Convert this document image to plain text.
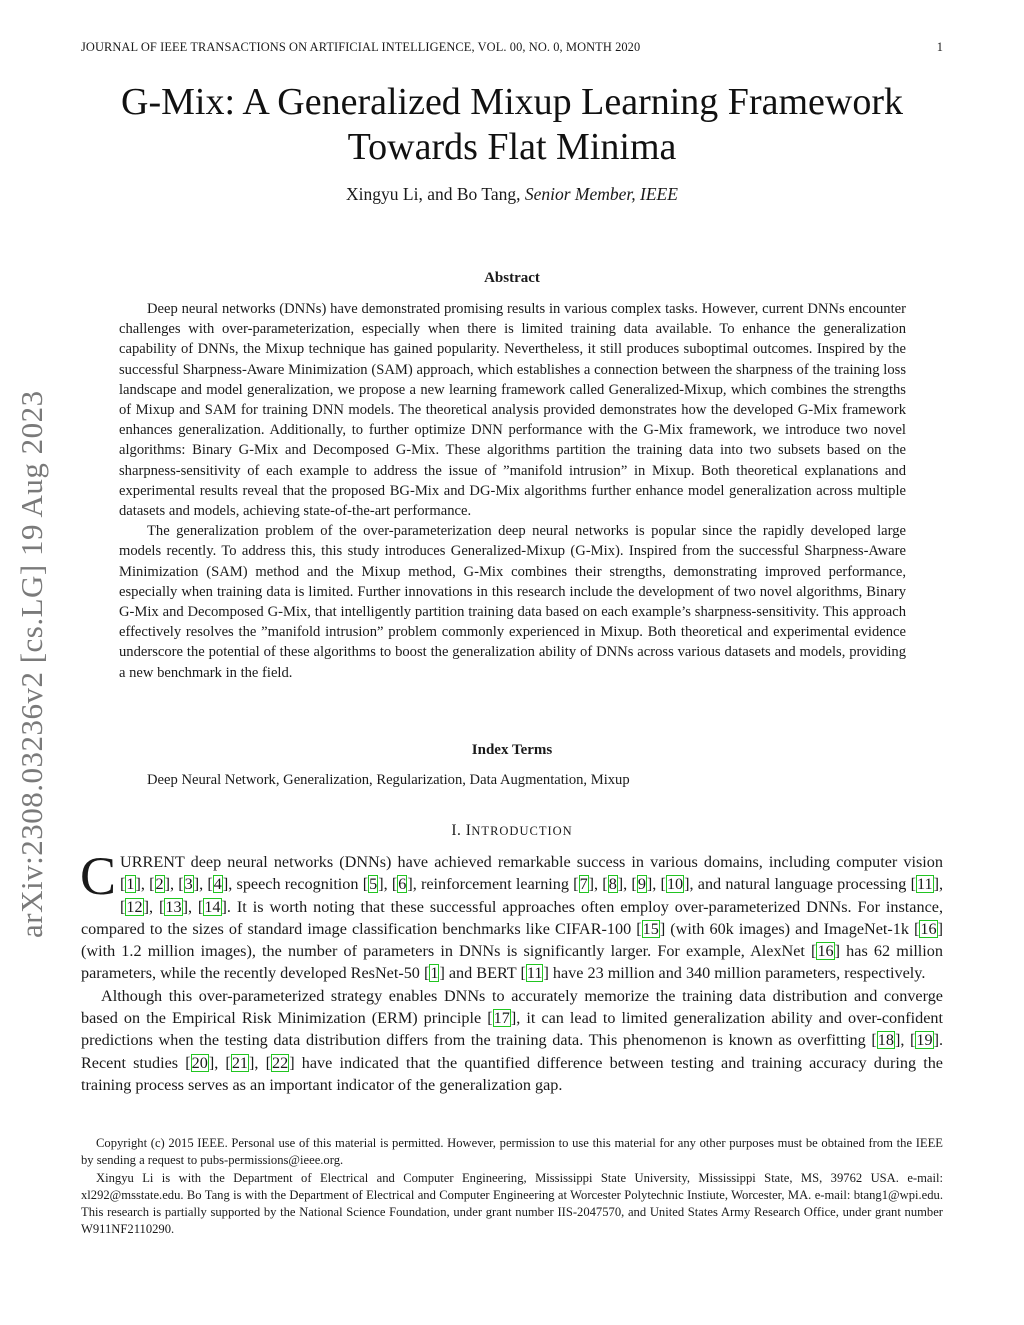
JOURNAL OF IEEE TRANSACTIONS ON ARTIFICIAL INTELLIGENCE, VOL. 00, NO. 0, MONTH 2020	1
arXiv:2308.03236v2 [cs.LG] 19 Aug 2023
G-Mix: A Generalized Mixup Learning Framework
Towards Flat Minima
Xingyu Li, and Bo Tang, Senior Member, IEEE
Abstract

Deep neural networks (DNNs) have demonstrated promising results in various complex tasks. However, current DNNs encounter challenges with over-parameterization, especially when there is limited training data available. To enhance the generalization capability of DNNs, the Mixup technique has gained popularity. Nevertheless, it still produces suboptimal outcomes. Inspired by the successful Sharpness-Aware Minimization (SAM) approach, which establishes a connection between the sharpness of the training loss landscape and model generalization, we propose a new learning framework called Generalized-Mixup, which combines the strengths of Mixup and SAM for training DNN models. The theoretical analysis provided demonstrates how the developed G-Mix framework enhances generalization. Additionally, to further optimize DNN performance with the G-Mix framework, we introduce two novel algorithms: Binary G-Mix and Decomposed G-Mix. These algorithms partition the training data into two subsets based on the sharpness-sensitivity of each example to address the issue of ”manifold intrusion” in Mixup. Both theoretical explanations and experimental results reveal that the proposed BG-Mix and DG-Mix algorithms further enhance model generalization across multiple datasets and models, achieving state-of-the-art performance.

The generalization problem of the over-parameterization deep neural networks is popular since the rapidly developed large models recently. To address this, this study introduces Generalized-Mixup (G-Mix). Inspired from the successful Sharpness-Aware Minimization (SAM) method and the Mixup method, G-Mix combines their strengths, demonstrating improved performance, especially when training data is limited. Further innovations in this research include the development of two novel algorithms, Binary G-Mix and Decomposed G-Mix, that intelligently partition training data based on each example’s sharpness-sensitivity. This approach effectively resolves the ”manifold intrusion” problem commonly experienced in Mixup. Both theoretical and experimental evidence underscore the potential of these algorithms to boost the generalization ability of DNNs across various datasets and models, providing a new benchmark in the field.

Index Terms
Deep Neural Network, Generalization, Regularization, Data Augmentation, Mixup
I. INTRODUCTION

CURRENT deep neural networks (DNNs) have achieved remarkable success in various domains, including computer vision [1], [2], [3], [4], speech recognition [5], [6], reinforcement learning [7], [8], [9], [10], and natural language processing [11], [12], [13], [14]. It is worth noting that these successful approaches often employ over-parameterized DNNs. For instance, compared to the sizes of standard image classification benchmarks like CIFAR-100 [15] (with 60k images) and ImageNet-1k [16] (with 1.2 million images), the number of parameters in DNNs is significantly larger. For example, AlexNet [16] has 62 million parameters, while the recently developed ResNet-50 [1] and BERT [11] have 23 million and 340 million parameters, respectively.

Although this over-parameterized strategy enables DNNs to accurately memorize the training data distribution and converge based on the Empirical Risk Minimization (ERM) principle [17], it can lead to limited generalization ability and over-confident predictions when the testing data distribution differs from the training data. This phenomenon is known as overfitting [18], [19]. Recent studies [20], [21], [22] have indicated that the quantified difference between testing and training accuracy during the training process serves as an important indicator of the generalization gap.

Copyright (c) 2015 IEEE. Personal use of this material is permitted. However, permission to use this material for any other purposes must be obtained from the IEEE by sending a request to pubs-permissions@ieee.org.

Xingyu Li is with the Department of Electrical and Computer Engineering, Mississippi State University, Mississippi State, MS, 39762 USA. e-mail: xl292@msstate.edu. Bo Tang is with the Department of Electrical and Computer Engineering at Worcester Polytechnic Instiute, Worcester, MA. e-mail: btang1@wpi.edu. This research is partially supported by the National Science Foundation, under grant number IIS-2047570, and United States Army Research Office, under grant number W911NF2110290.
